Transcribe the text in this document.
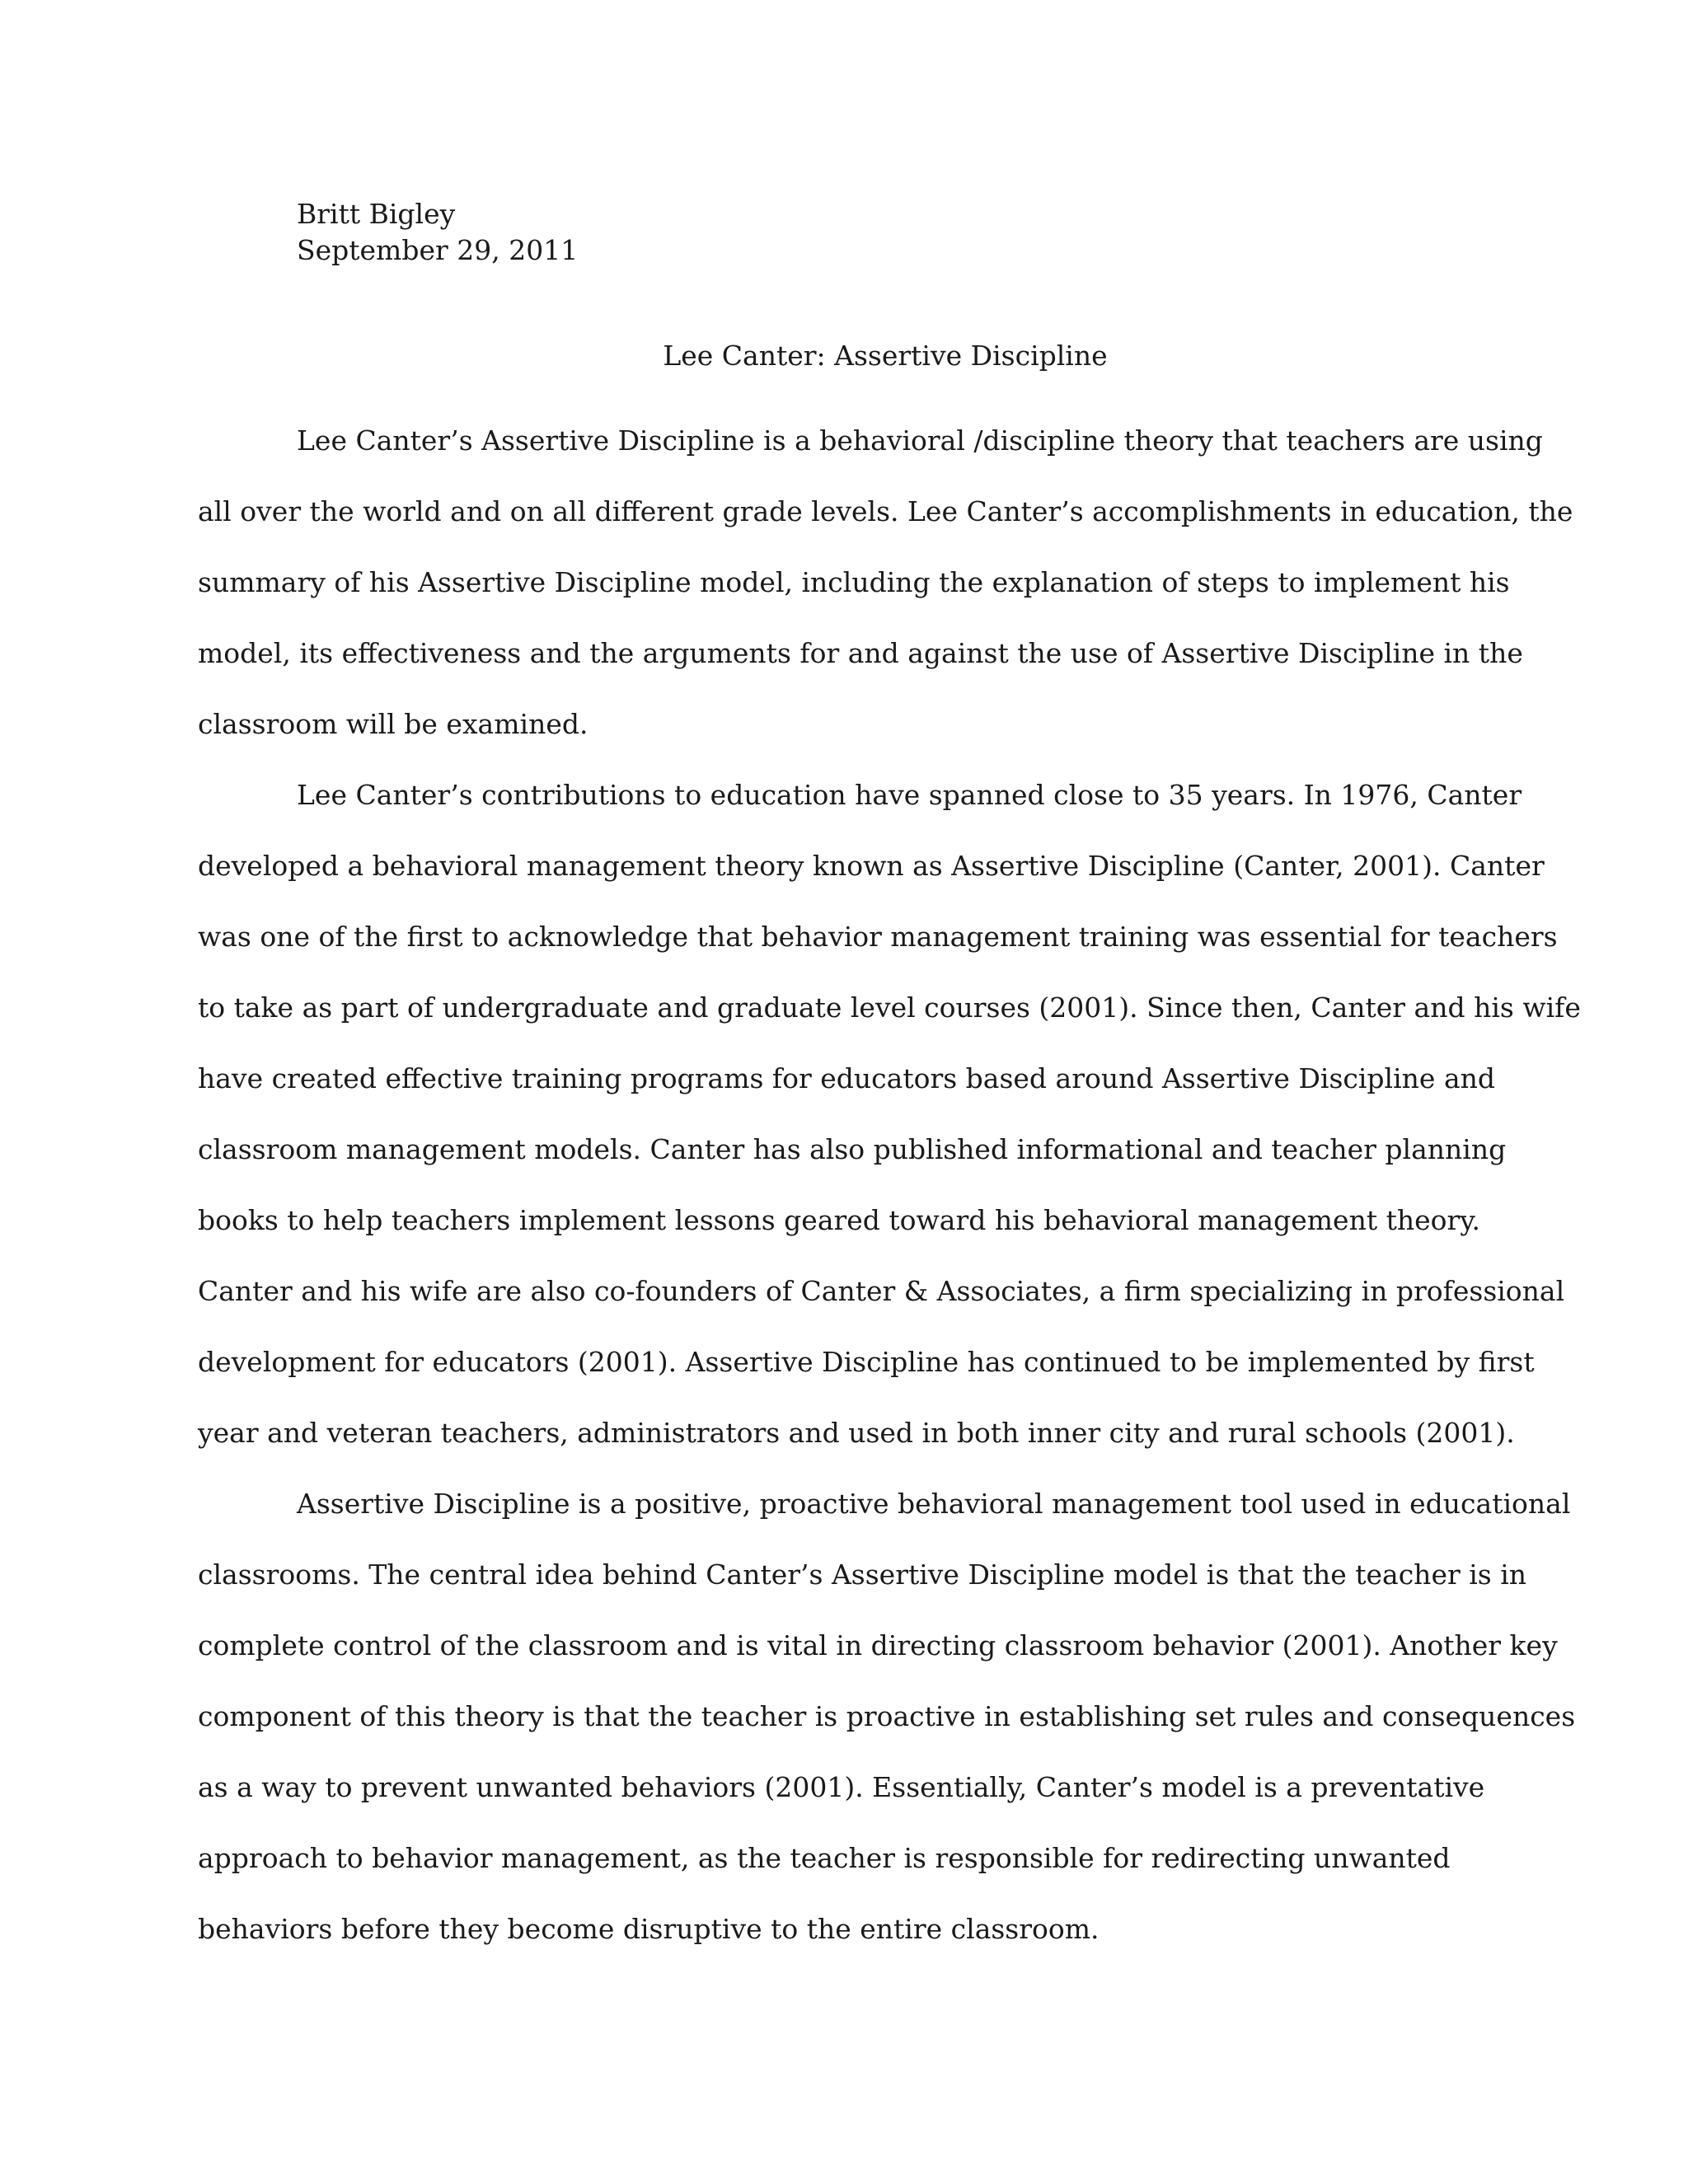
Britt Bigley
September 29, 2011
Lee Canter: Assertive Discipline
Lee Canter’s Assertive Discipline is a behavioral /discipline theory that teachers are using
all over the world and on all different grade levels. Lee Canter’s accomplishments in education, the
summary of his Assertive Discipline model, including the explanation of steps to implement his
model, its effectiveness and the arguments for and against the use of Assertive Discipline in the
classroom will be examined.
Lee Canter’s contributions to education have spanned close to 35 years. In 1976, Canter
developed a behavioral management theory known as Assertive Discipline (Canter, 2001). Canter
was one of the first to acknowledge that behavior management training was essential for teachers
to take as part of undergraduate and graduate level courses (2001). Since then, Canter and his wife
have created effective training programs for educators based around Assertive Discipline and
classroom management models. Canter has also published informational and teacher planning
books to help teachers implement lessons geared toward his behavioral management theory.
Canter and his wife are also co-founders of Canter & Associates, a firm specializing in professional
development for educators (2001). Assertive Discipline has continued to be implemented by first
year and veteran teachers, administrators and used in both inner city and rural schools (2001).
Assertive Discipline is a positive, proactive behavioral management tool used in educational
classrooms. The central idea behind Canter’s Assertive Discipline model is that the teacher is in
complete control of the classroom and is vital in directing classroom behavior (2001). Another key
component of this theory is that the teacher is proactive in establishing set rules and consequences
as a way to prevent unwanted behaviors (2001). Essentially, Canter’s model is a preventative
approach to behavior management, as the teacher is responsible for redirecting unwanted
behaviors before they become disruptive to the entire classroom.
